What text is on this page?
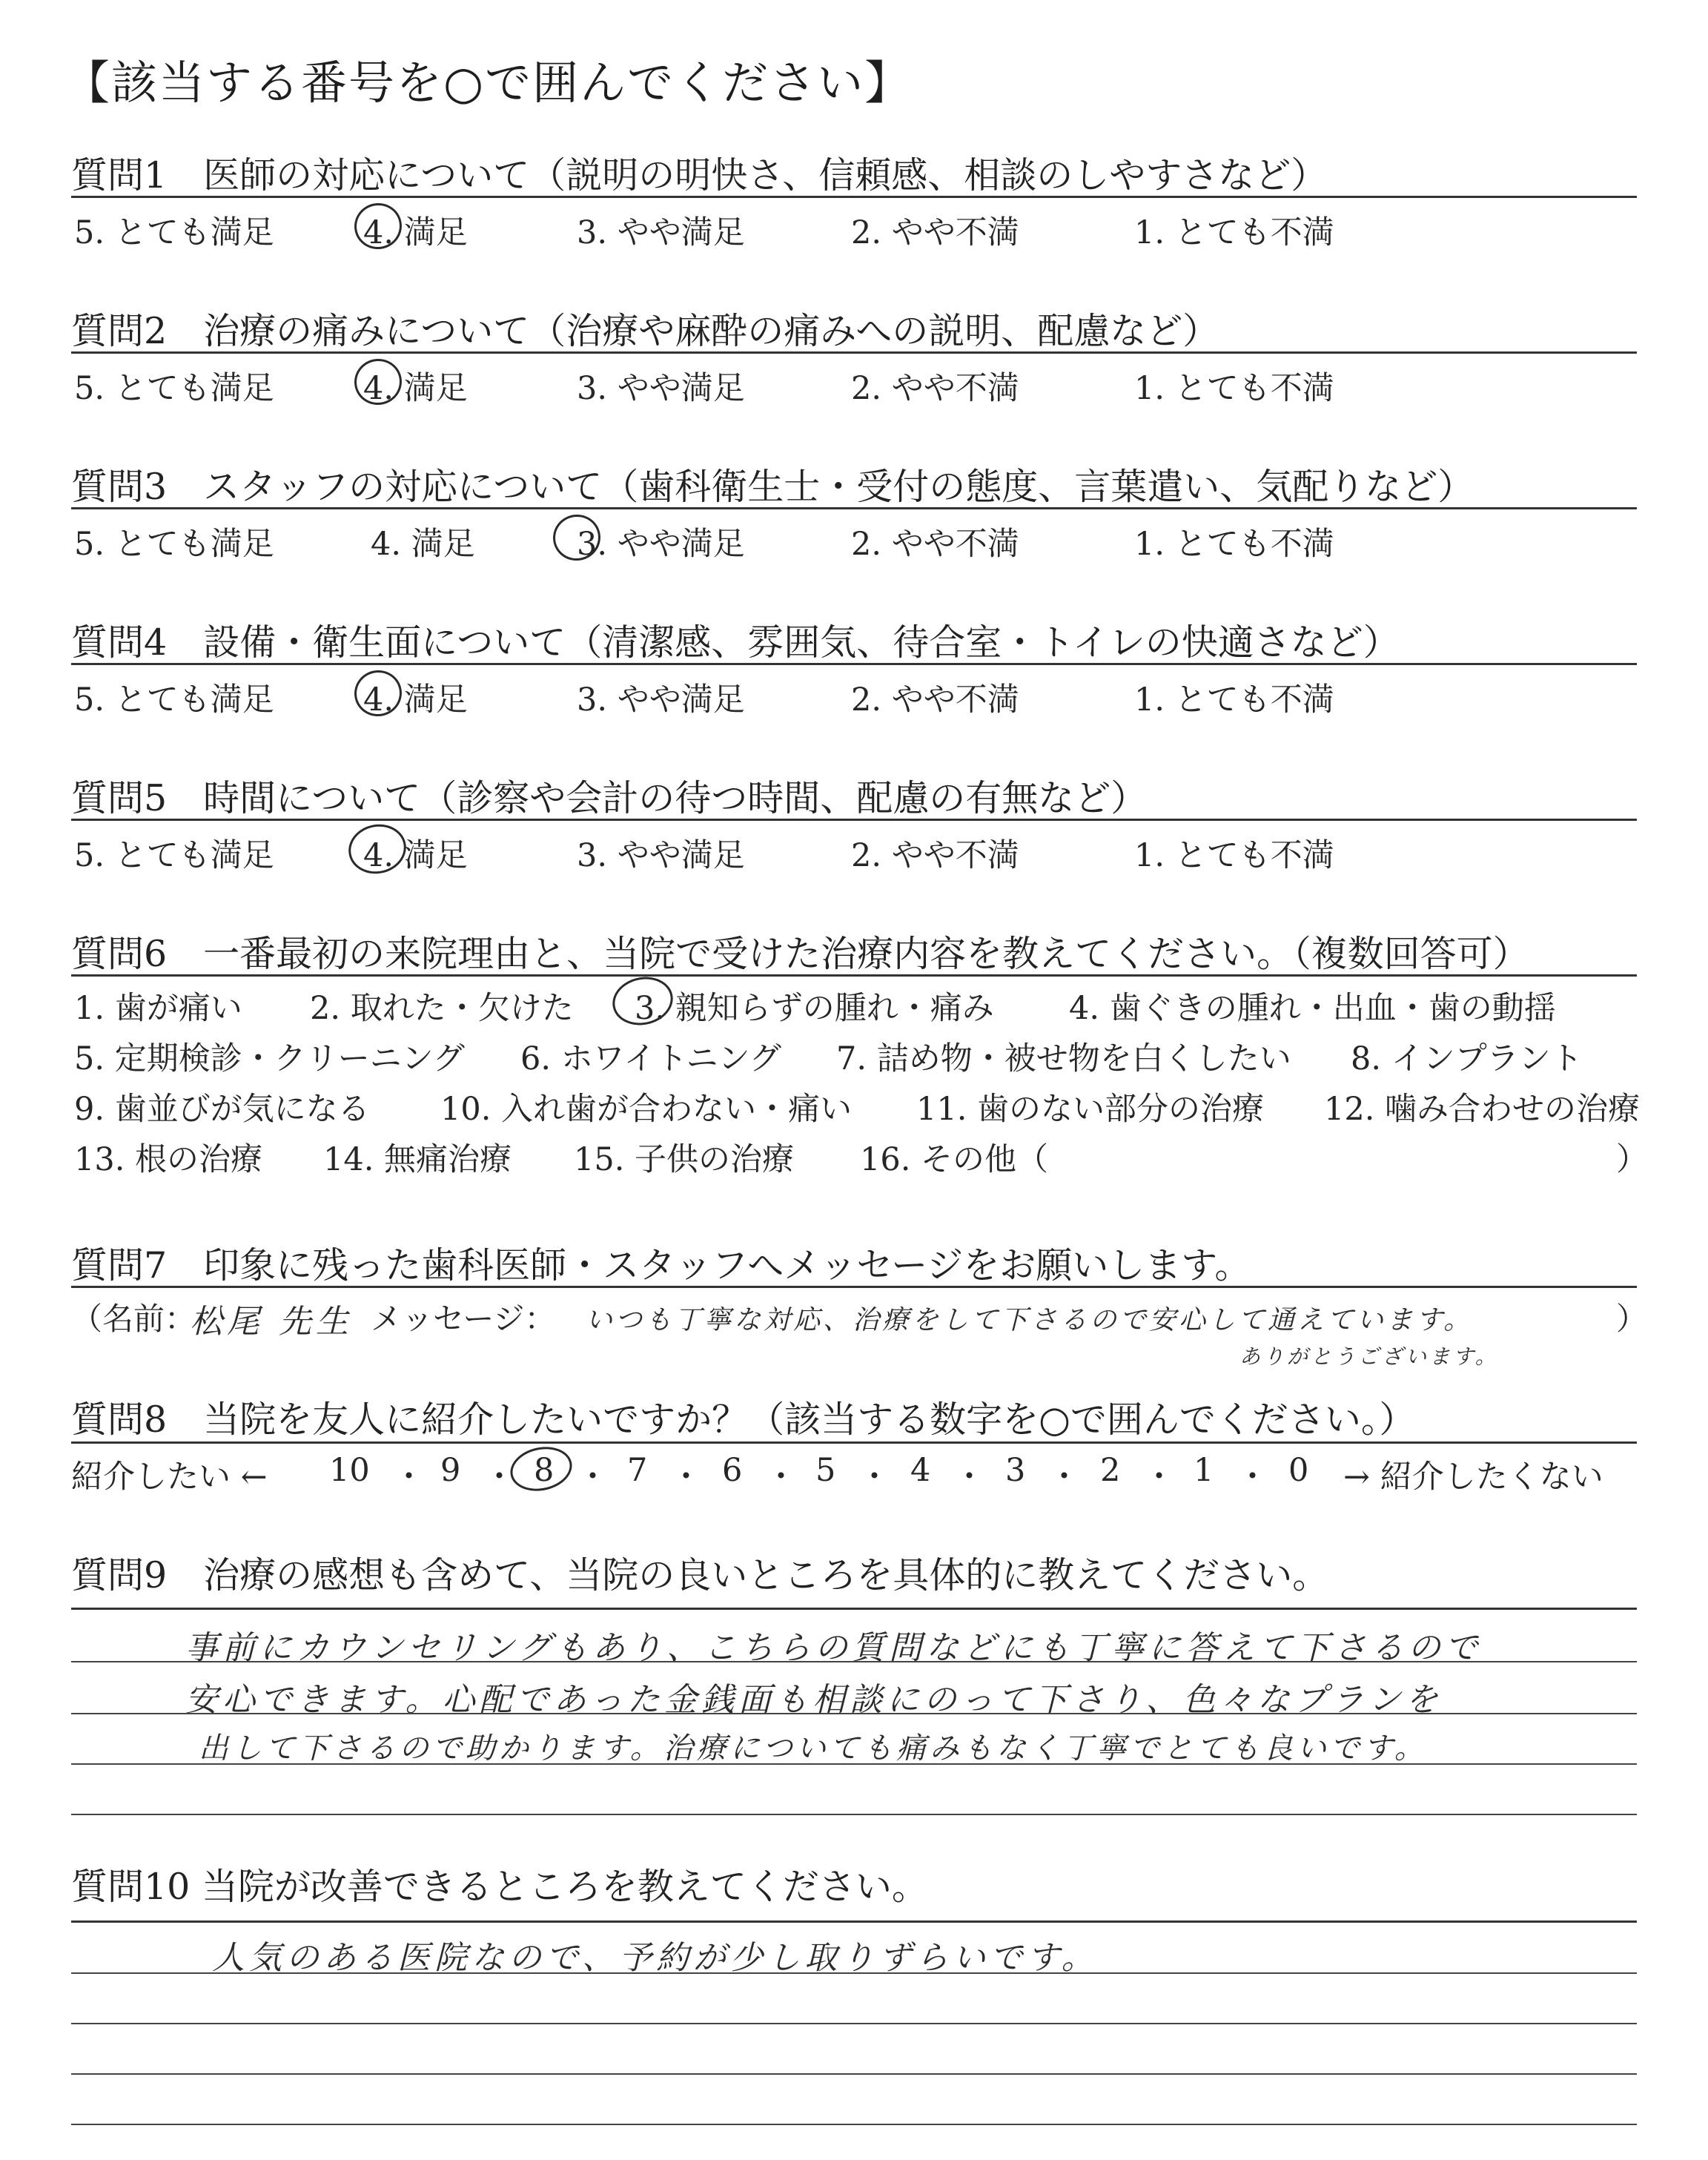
【該当する番号を○で囲んでください】
質問1　医師の対応について（説明の明快さ、信頼感、相談のしやすさなど）
5. とても満足	4. 満足	3. やや満足	2. やや不満	1. とても不満
質問2　治療の痛みについて（治療や麻酔の痛みへの説明、配慮など）
5. とても満足	4. 満足	3. やや満足	2. やや不満	1. とても不満
質問3　スタッフの対応について（歯科衛生士・受付の態度、言葉遣い、気配りなど）
5. とても満足	4. 満足	3. やや満足	2. やや不満	1. とても不満
質問4　設備・衛生面について（清潔感、雰囲気、待合室・トイレの快適さなど）
5. とても満足	4. 満足	3. やや満足	2. やや不満	1. とても不満
質問5　時間について（診察や会計の待つ時間、配慮の有無など）
5. とても満足	4. 満足	3. やや満足	2. やや不満	1. とても不満
質問6　一番最初の来院理由と、当院で受けた治療内容を教えてください。（複数回答可）
1. 歯が痛い 2. 取れた・欠けた 3. 親知らずの腫れ・痛み 4. 歯ぐきの腫れ・出血・歯の動揺
5. 定期検診・クリーニング 6. ホワイトニング 7. 詰め物・被せ物を白くしたい 8. インプラント
9. 歯並びが気になる 10. 入れ歯が合わない・痛い 11. 歯のない部分の治療 12. 噛み合わせの治療
13. 根の治療 14. 無痛治療 15. 子供の治療 16. その他（	）
質問7　印象に残った歯科医師・スタッフへメッセージをお願いします。
（名前：
松尾 先生 メッセージ： いつも丁寧な対応、治療をして下さるので安心して通えています。	）
ありがとうございます。
質問8　当院を友人に紹介したいですか？（該当する数字を○で囲んでください。）
紹介したい ← 10 ・ 9 ・ 8 ・ 7 ・ 6 ・ 5 ・ 4 ・ 3 ・ 2 ・ 1 ・ 0 → 紹介したくない
質問9　治療の感想も含めて、当院の良いところを具体的に教えてください。
事前にカウンセリングもあり、こちらの質問などにも丁寧に答えて下さるので
安心できます。心配であった金銭面も相談にのって下さり、色々なプランを
出して下さるので助かります。治療についても痛みもなく丁寧でとても良いです。
質問10 当院が改善できるところを教えてください。
人気のある医院なので、予約が少し取りずらいです。
